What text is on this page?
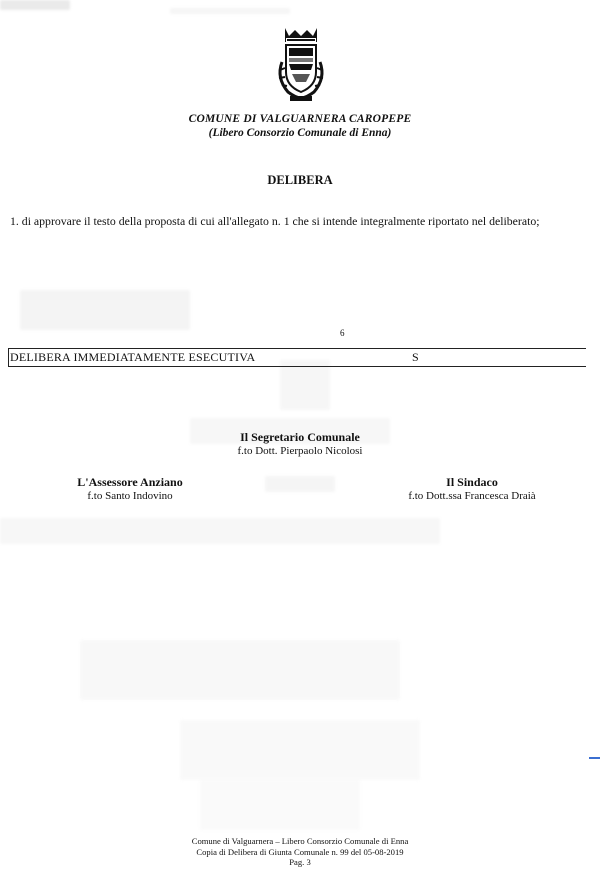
COMUNE DI VALGUARNERA CAROPEPE
(Libero Consorzio Comunale di Enna)
DELIBERA
1. di approvare il testo della proposta di cui all'allegato n. 1 che si intende integralmente riportato nel deliberato;
6
DELIBERA IMMEDIATAMENTE ESECUTIVA	S
Il Segretario Comunale
f.to Dott. Pierpaolo Nicolosi
L'Assessore Anziano
f.to Santo Indovino
Il Sindaco
f.to Dott.ssa Francesca Draià
Comune di Valguarnera – Libero Consorzio Comunale di Enna
Copia di Delibera di Giunta Comunale n. 99 del 05-08-2019
Pag. 3
